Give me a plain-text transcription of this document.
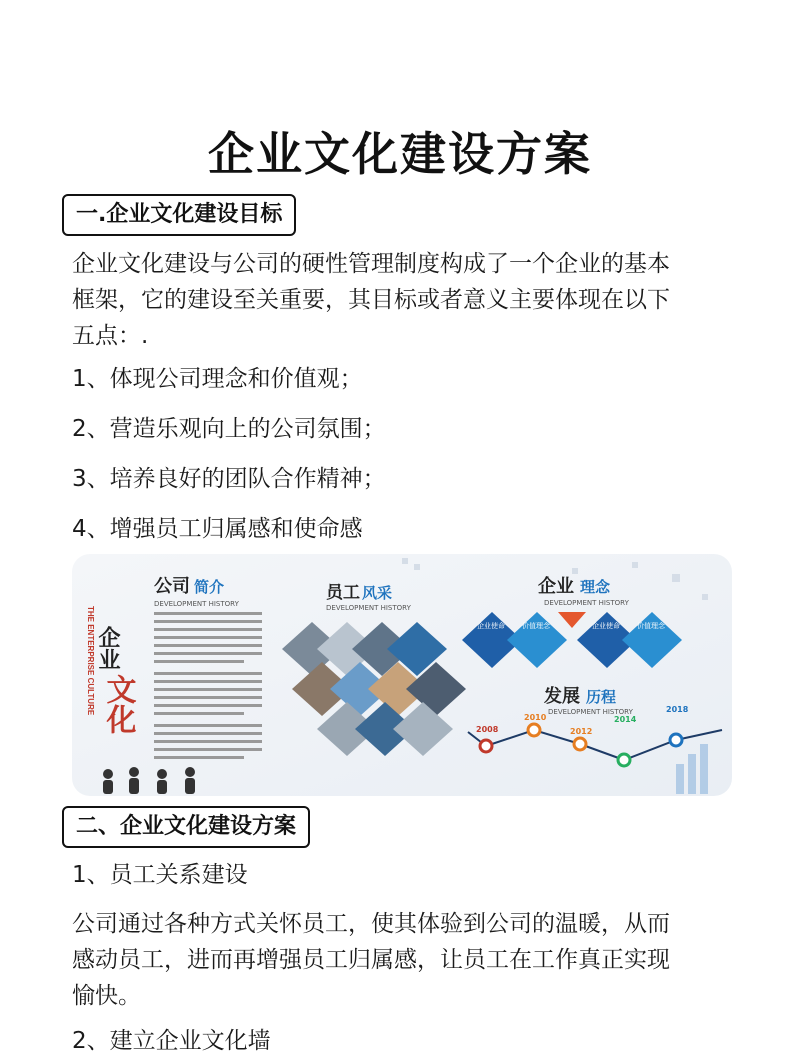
企业文化建设方案
一.企业文化建设目标
企业文化建设与公司的硬性管理制度构成了一个企业的基本
框架，它的建设至关重要，其目标或者意义主要体现在以下
五点：.
1、体现公司理念和价值观；
2、营造乐观向上的公司氛围；
3、培养良好的团队合作精神；
4、增强员工归属感和使命感
THE ENTERPRISE CULTURE 企业
文化
公司 简介
DEVELOPMENT HISTORY
员工 风采
DEVELOPMENT HISTORY
企业 理念
DEVELOPMENT HISTORY
企业使命 价值理念	企业使命 价值理念
发展 历程
DEVELOPMENT HISTORY
2008
2010
2012
2014
2018
二、企业文化建设方案
1、员工关系建设
公司通过各种方式关怀员工，使其体验到公司的温暖，从而
感动员工，进而再增强员工归属感，让员工在工作真正实现
愉快。
2、建立企业文化墙
